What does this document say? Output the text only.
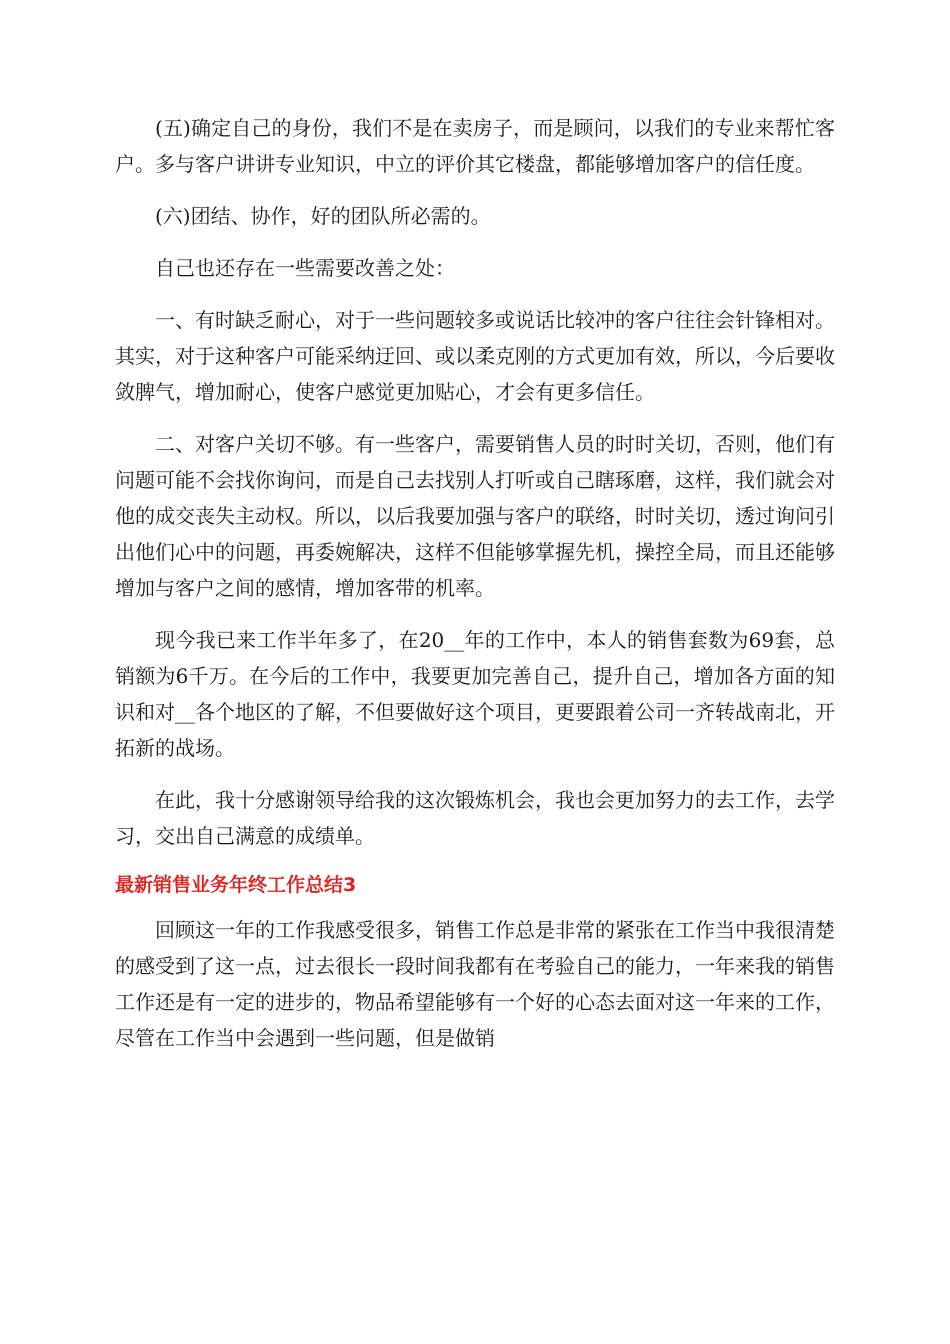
(五)确定自己的身份，我们不是在卖房子，而是顾问，以我们的专业来帮忙客户。多与客户讲讲专业知识，中立的评价其它楼盘，都能够增加客户的信任度。

(六)团结、协作，好的团队所必需的。

自己也还存在一些需要改善之处：

一、有时缺乏耐心，对于一些问题较多或说话比较冲的客户往往会针锋相对。其实，对于这种客户可能采纳迂回、或以柔克刚的方式更加有效，所以，今后要收敛脾气，增加耐心，使客户感觉更加贴心，才会有更多信任。

二、对客户关切不够。有一些客户，需要销售人员的时时关切，否则，他们有问题可能不会找你询问，而是自己去找别人打听或自己瞎琢磨，这样，我们就会对他的成交丧失主动权。所以，以后我要加强与客户的联络，时时关切，透过询问引出他们心中的问题，再委婉解决，这样不但能够掌握先机，操控全局，而且还能够增加与客户之间的感情，增加客带的机率。

现今我已来工作半年多了，在20__年的工作中，本人的销售套数为69套，总销额为6千万。在今后的工作中，我要更加完善自己，提升自己，增加各方面的知识和对__各个地区的了解，不但要做好这个项目，更要跟着公司一齐转战南北，开拓新的战场。

在此，我十分感谢领导给我的这次锻炼机会，我也会更加努力的去工作，去学习，交出自己满意的成绩单。

最新销售业务年终工作总结3

回顾这一年的工作我感受很多，销售工作总是非常的紧张在工作当中我很清楚的感受到了这一点，过去很长一段时间我都有在考验自己的能力，一年来我的销售工作还是有一定的进步的，物品希望能够有一个好的心态去面对这一年来的工作，尽管在工作当中会遇到一些问题，但是做销
